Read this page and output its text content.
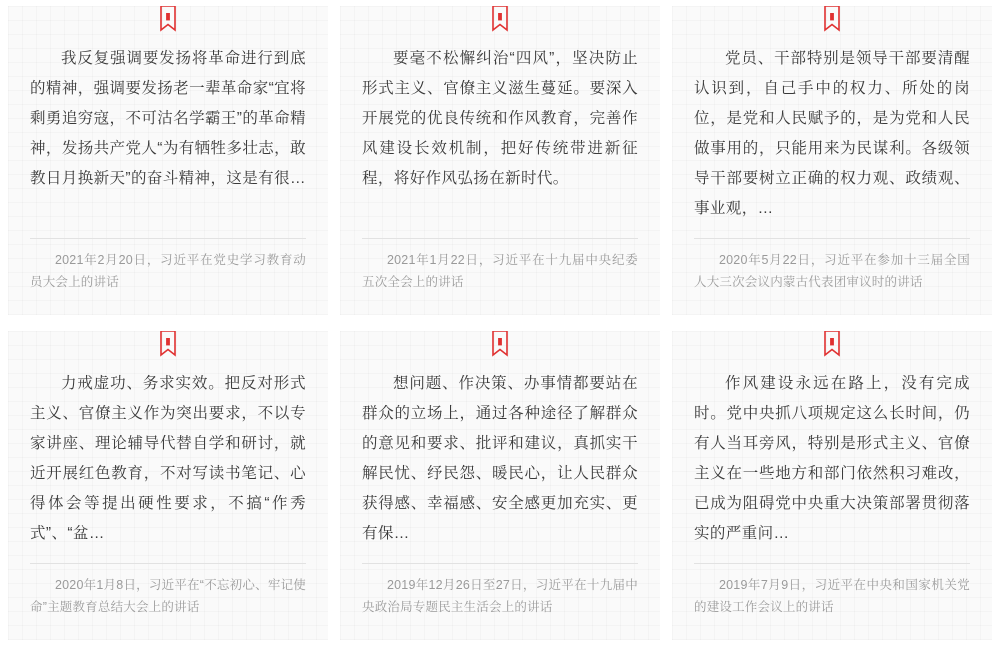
我反复强调要发扬将革命进行到底的精神，强调要发扬老一辈革命家“宜将剩勇追穷寇，不可沽名学霸王”的革命精神，发扬共产党人“为有牺牲多壮志，敢教日月换新天”的奋斗精神，这是有很…
2021年2月20日，习近平在党史学习教育动员大会上的讲话
要毫不松懈纠治“四风”，坚决防止形式主义、官僚主义滋生蔓延。要深入开展党的优良传统和作风教育，完善作风建设长效机制，把好传统带进新征程，将好作风弘扬在新时代。
2021年1月22日，习近平在十九届中央纪委五次全会上的讲话
党员、干部特别是领导干部要清醒认识到，自己手中的权力、所处的岗位，是党和人民赋予的，是为党和人民做事用的，只能用来为民谋利。各级领导干部要树立正确的权力观、政绩观、事业观，…
2020年5月22日，习近平在参加十三届全国人大三次会议内蒙古代表团审议时的讲话
力戒虚功、务求实效。把反对形式主义、官僚主义作为突出要求，不以专家讲座、理论辅导代替自学和研讨，就近开展红色教育，不对写读书笔记、心得体会等提出硬性要求，不搞“作秀式”、“盆…
2020年1月8日，习近平在“不忘初心、牢记使命”主题教育总结大会上的讲话
想问题、作决策、办事情都要站在群众的立场上，通过各种途径了解群众的意见和要求、批评和建议，真抓实干解民忧、纾民怨、暖民心，让人民群众获得感、幸福感、安全感更加充实、更有保…
2019年12月26日至27日，习近平在十九届中央政治局专题民主生活会上的讲话
作风建设永远在路上，没有完成时。党中央抓八项规定这么长时间，仍有人当耳旁风，特别是形式主义、官僚主义在一些地方和部门依然积习难改，已成为阻碍党中央重大决策部署贯彻落实的严重问…
2019年7月9日，习近平在中央和国家机关党的建设工作会议上的讲话
